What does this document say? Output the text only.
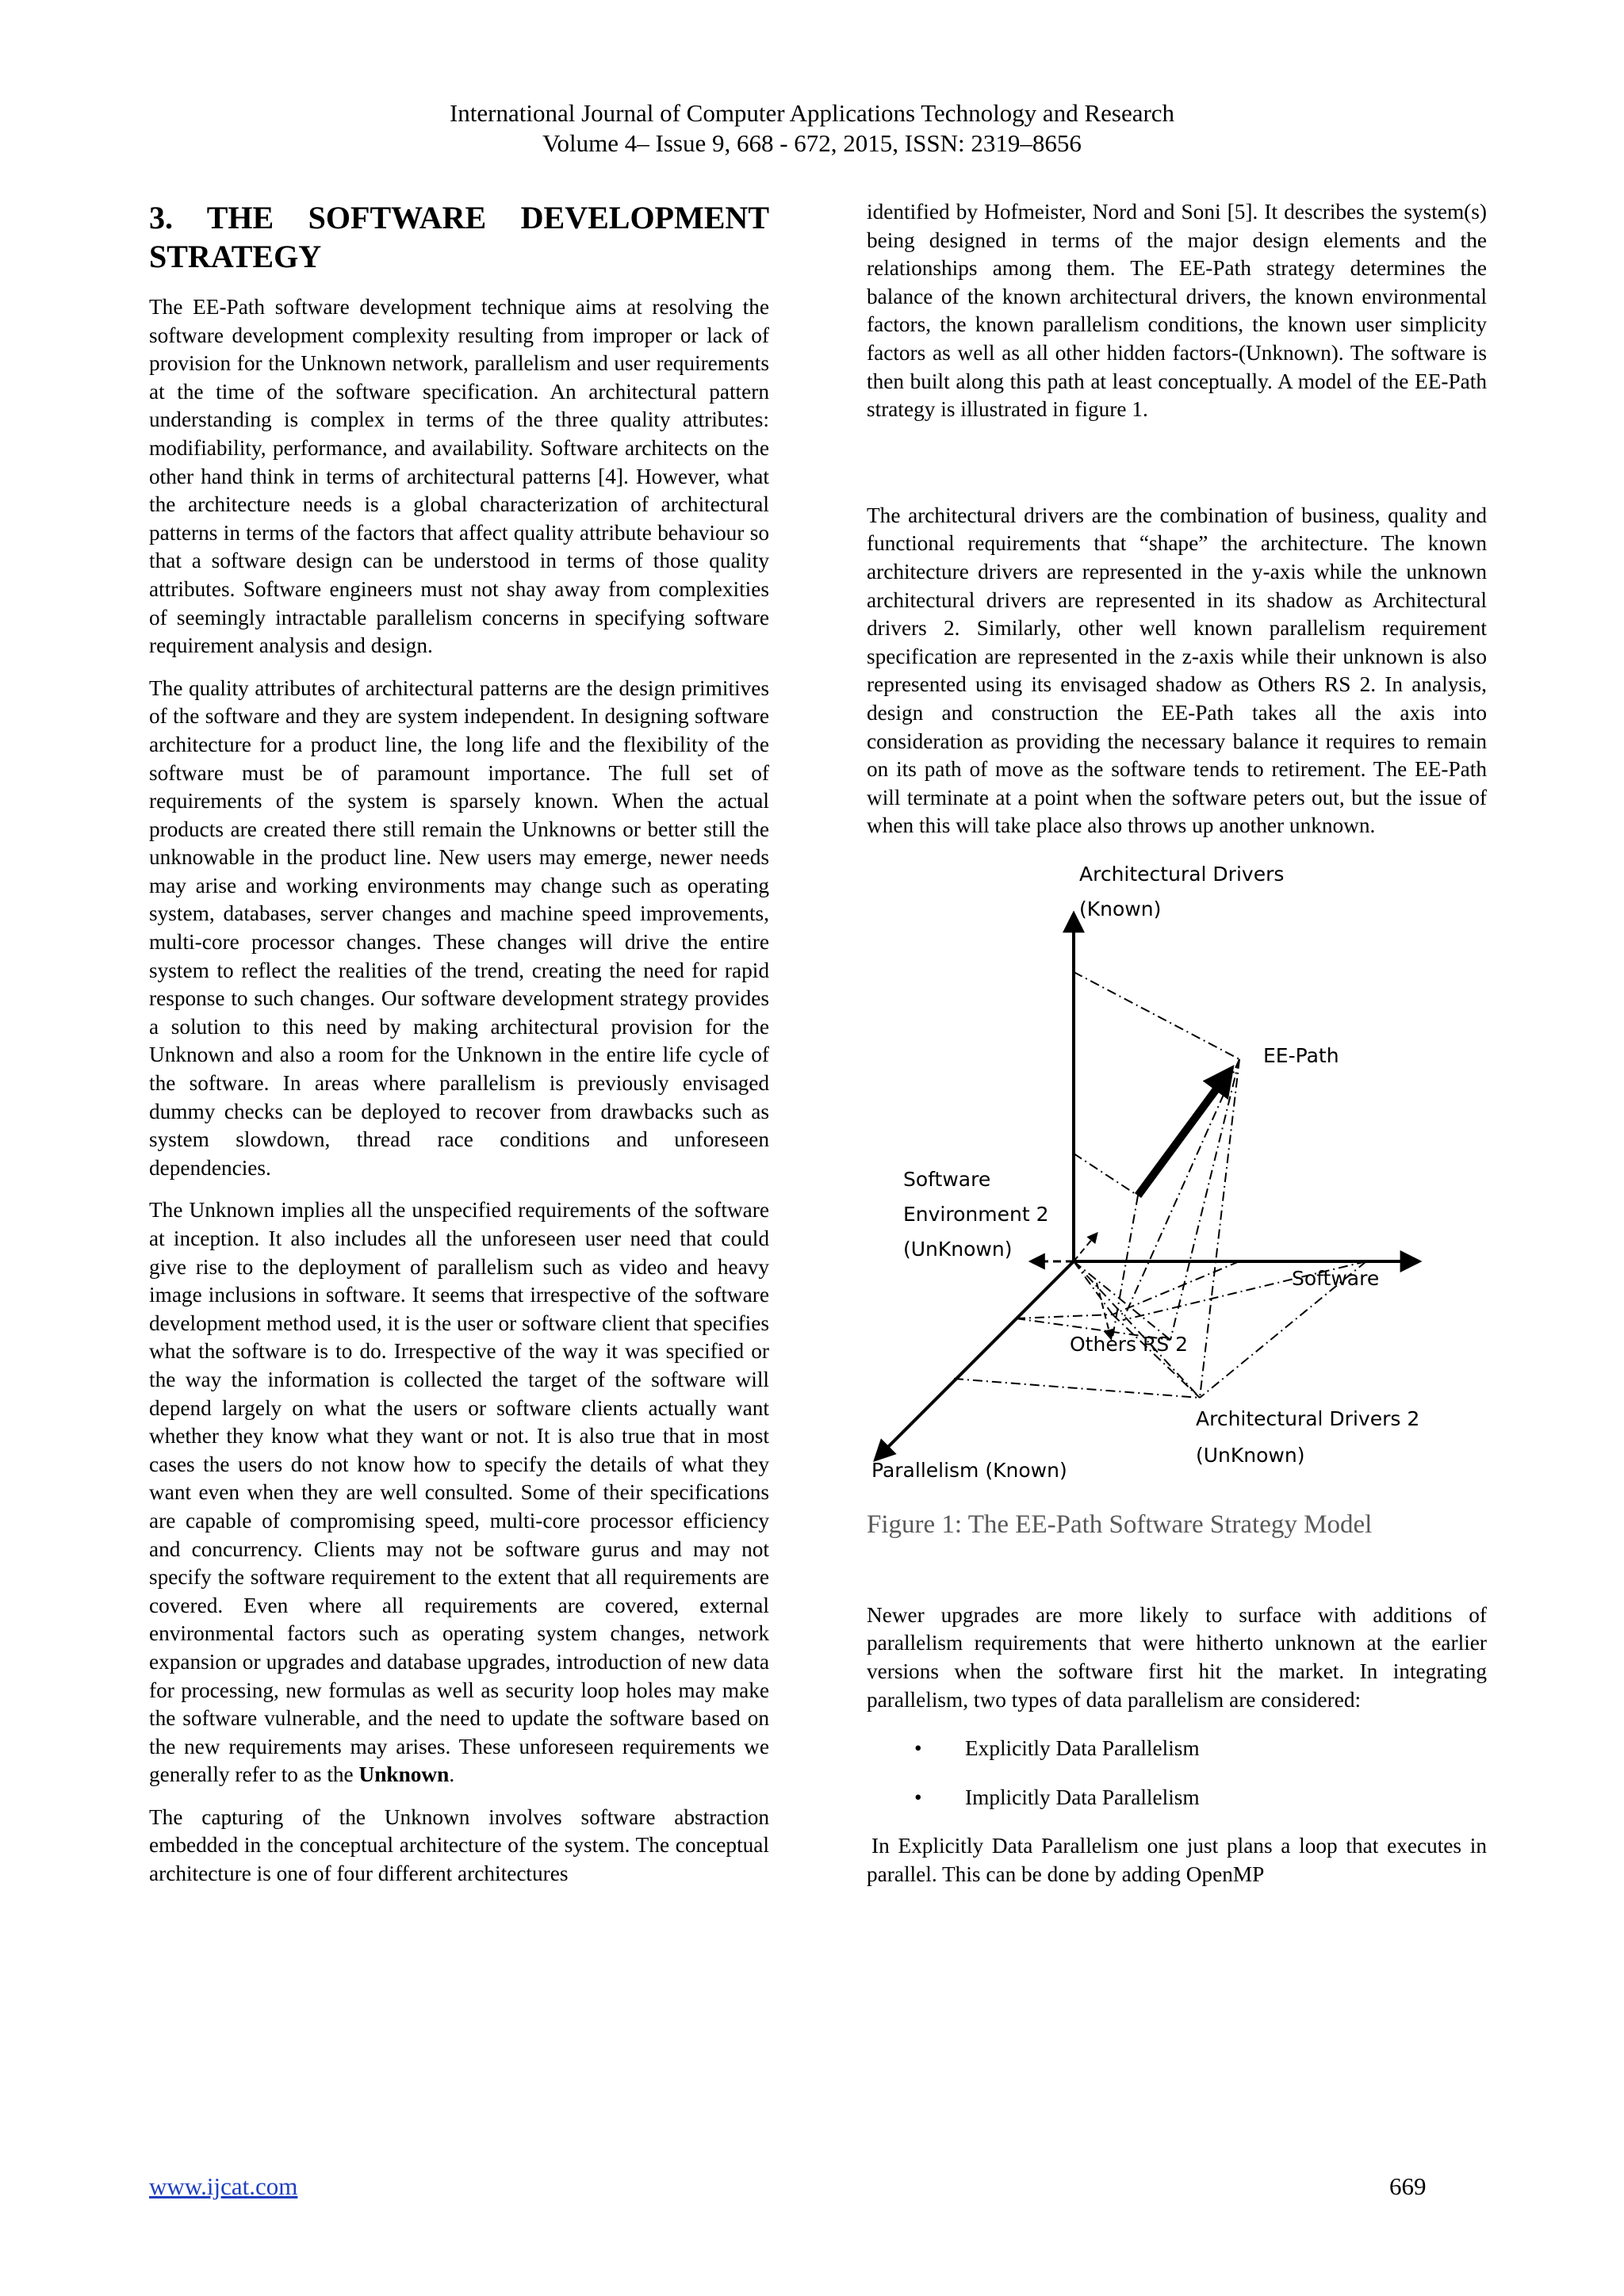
International Journal of Computer Applications Technology and Research
Volume 4– Issue 9, 668 - 672, 2015, ISSN: 2319–8656
3. THE SOFTWARE DEVELOPMENT STRATEGY

The EE-Path software development technique aims at resolving the software development complexity resulting from improper or lack of provision for the Unknown network, parallelism and user requirements at the time of the software specification. An architectural pattern understanding is complex in terms of the three quality attributes: modifiability, performance, and availability. Software architects on the other hand think in terms of architectural patterns [4]. However, what the architecture needs is a global characterization of architectural patterns in terms of the factors that affect quality attribute behaviour so that a software design can be understood in terms of those quality attributes. Software engineers must not shay away from complexities of seemingly intractable parallelism concerns in specifying software requirement analysis and design.

The quality attributes of architectural patterns are the design primitives of the software and they are system independent. In designing software architecture for a product line, the long life and the flexibility of the software must be of paramount importance. The full set of requirements of the system is sparsely known. When the actual products are created there still remain the Unknowns or better still the unknowable in the product line. New users may emerge, newer needs may arise and working environments may change such as operating system, databases, server changes and machine speed improvements, multi-core processor changes. These changes will drive the entire system to reflect the realities of the trend, creating the need for rapid response to such changes. Our software development strategy provides a solution to this need by making architectural provision for the Unknown and also a room for the Unknown in the entire life cycle of the software. In areas where parallelism is previously envisaged dummy checks can be deployed to recover from drawbacks such as system slowdown, thread race conditions and unforeseen dependencies.

The Unknown implies all the unspecified requirements of the software at inception. It also includes all the unforeseen user need that could give rise to the deployment of parallelism such as video and heavy image inclusions in software. It seems that irrespective of the software development method used, it is the user or software client that specifies what the software is to do. Irrespective of the way it was specified or the way the information is collected the target of the software will depend largely on what the users or software clients actually want whether they know what they want or not. It is also true that in most cases the users do not know how to specify the details of what they want even when they are well consulted. Some of their specifications are capable of compromising speed, multi-core processor efficiency and concurrency. Clients may not be software gurus and may not specify the software requirement to the extent that all requirements are covered. Even where all requirements are covered, external environmental factors such as operating system changes, network expansion or upgrades and database upgrades, introduction of new data for processing, new formulas as well as security loop holes may make the software vulnerable, and the need to update the software based on the new requirements may arises. These unforeseen requirements we generally refer to as the Unknown.

The capturing of the Unknown involves software abstraction embedded in the conceptual architecture of the system. The conceptual architecture is one of four different architectures

identified by Hofmeister, Nord and Soni [5]. It describes the system(s) being designed in terms of the major design elements and the relationships among them. The EE-Path strategy determines the balance of the known architectural drivers, the known environmental factors, the known parallelism conditions, the known user simplicity factors as well as all other hidden factors-(Unknown). The software is then built along this path at least conceptually. A model of the EE-Path strategy is illustrated in figure 1.

The architectural drivers are the combination of business, quality and functional requirements that “shape” the architecture. The known architecture drivers are represented in the y-axis while the unknown architectural drivers are represented in its shadow as Architectural drivers 2. Similarly, other well known parallelism requirement specification are represented in the z-axis while their unknown is also represented using its envisaged shadow as Others RS 2. In analysis, design and construction the EE-Path takes all the axis into consideration as providing the necessary balance it requires to remain on its path of move as the software tends to retirement. The EE-Path will terminate at a point when the software peters out, but the issue of when this will take place also throws up another unknown.

Architectural Drivers
(Known)
EE-Path
Software
Environment 2
(UnKnown)
Software
Others RS 2
Architectural Drivers 2
(UnKnown)
Parallelism (Known)
Figure 1: The EE-Path Software Strategy Model

Newer upgrades are more likely to surface with additions of parallelism requirements that were hitherto unknown at the earlier versions when the software first hit the market. In integrating parallelism, two types of data parallelism are considered:

• Explicitly Data Parallelism
• Implicitly Data Parallelism

In Explicitly Data Parallelism one just plans a loop that executes in parallel. This can be done by adding OpenMP

www.ijcat.com	669
